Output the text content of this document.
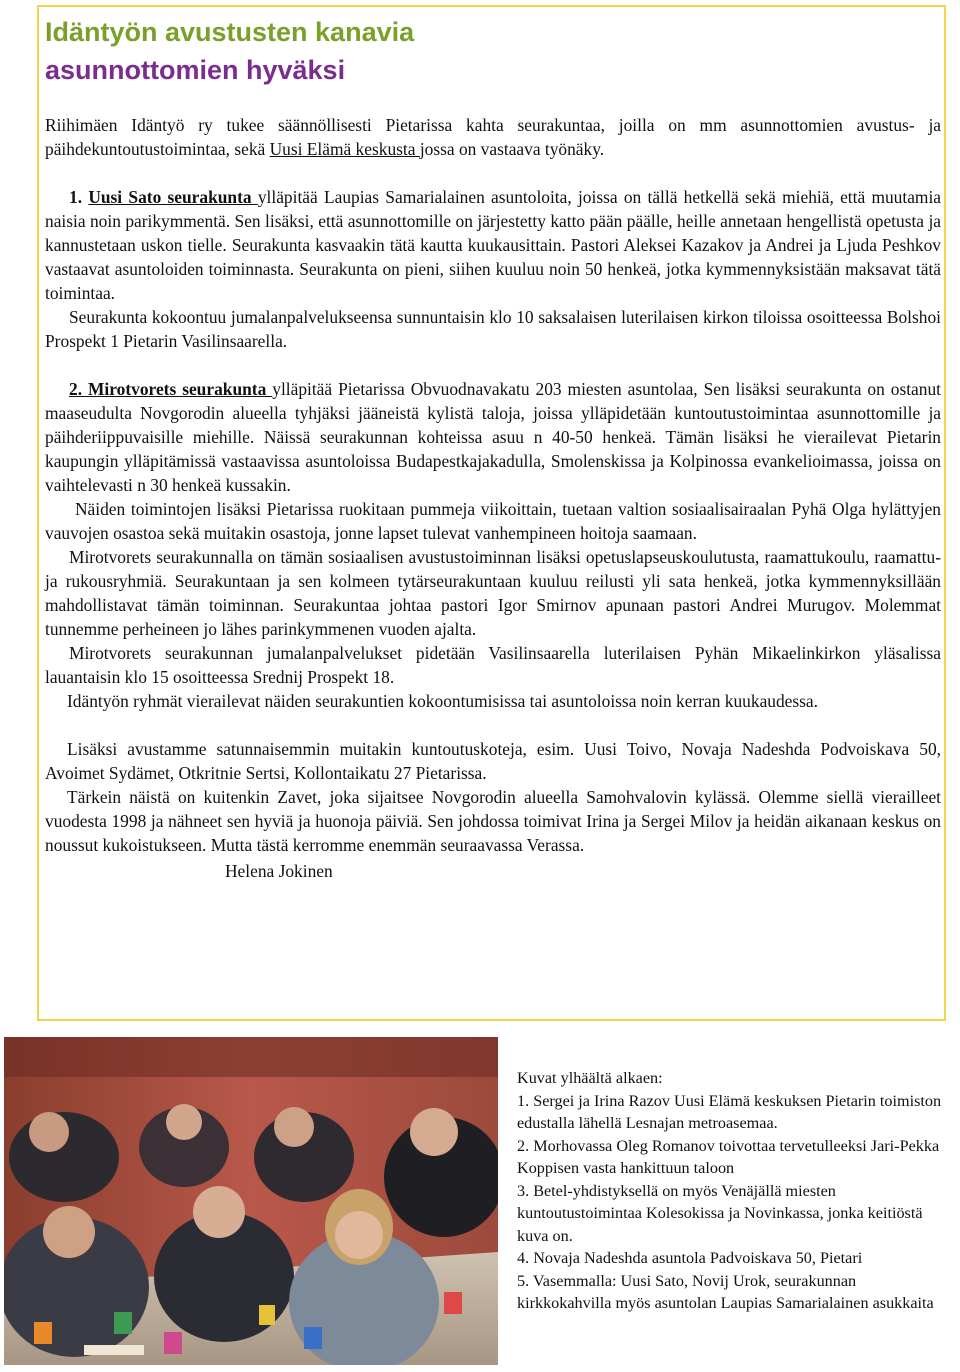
Idäntyön avustusten kanavia
asunnottomien hyväksi

Riihimäen Idäntyö ry tukee säännöllisesti Pietarissa kahta seurakuntaa, joilla on mm asunnottomien avustus- ja päihdekuntoutustoimintaa, sekä Uusi Elämä keskusta jossa on vastaava työnäky.

1. Uusi Sato seurakunta ylläpitää Laupias Samarialainen asuntoloita, joissa on tällä hetkellä sekä miehiä, että muutamia naisia noin parikymmentä. Sen lisäksi, että asunnottomille on järjestetty katto pään päälle, heille annetaan hengellistä opetusta ja kannustetaan uskon tielle. Seurakunta kasvaakin tätä kautta kuukausittain. Pastori Aleksei Kazakov ja Andrei ja Ljuda Peshkov vastaavat asuntoloiden toiminnasta. Seurakunta on pieni, siihen kuuluu noin 50 henkeä, jotka kymmennyksistään maksavat tätä toimintaa.

Seurakunta kokoontuu jumalanpalvelukseensa sunnuntaisin klo 10 saksalaisen luterilaisen kirkon tiloissa osoitteessa Bolshoi Prospekt 1 Pietarin Vasilinsaarella.

2. Mirotvorets seurakunta ylläpitää Pietarissa Obvuodnavakatu 203 miesten asuntolaa, Sen lisäksi seurakunta on ostanut maaseudulta Novgorodin alueella tyhjäksi jääneistä kylistä taloja, joissa ylläpidetään kuntoutustoimintaa asunnottomille ja päihderiippuvaisille miehille. Näissä seurakunnan kohteissa asuu n 40-50 henkeä. Tämän lisäksi he vierailevat Pietarin kaupungin ylläpitämissä vastaavissa asuntoloissa Budapestkajakadulla, Smolenskissa ja Kolpinossa evankelioimassa, joissa on vaihtelevasti n 30 henkeä kussakin.

Näiden toimintojen lisäksi Pietarissa ruokitaan pummeja viikoittain, tuetaan valtion sosiaalisairaalan Pyhä Olga hylättyjen vauvojen osastoa sekä muitakin osastoja, jonne lapset tulevat vanhempineen hoitoja saamaan.

Mirotvorets seurakunnalla on tämän sosiaalisen avustustoiminnan lisäksi opetuslapseuskoulutusta, raamattukoulu, raamattu- ja rukousryhmiä. Seurakuntaan ja sen kolmeen tytärseurakuntaan kuuluu reilusti yli sata henkeä, jotka kymmennyksillään mahdollistavat tämän toiminnan. Seurakuntaa johtaa pastori Igor Smirnov apunaan pastori Andrei Murugov. Molemmat tunnemme perheineen jo lähes parinkymmenen vuoden ajalta.

Mirotvorets seurakunnan jumalanpalvelukset pidetään Vasilinsaarella luterilaisen Pyhän Mikaelinkirkon yläsalissa lauantaisin klo 15 osoitteessa Srednij Prospekt 18.

Idäntyön ryhmät vierailevat näiden seurakuntien kokoontumisissa tai asuntoloissa noin kerran kuukaudessa.

Lisäksi avustamme satunnaisemmin muitakin kuntoutuskoteja, esim. Uusi Toivo, Novaja Nadeshda Podvoiskava 50, Avoimet Sydämet, Otkritnie Sertsi, Kollontaikatu 27 Pietarissa.

Tärkein näistä on kuitenkin Zavet, joka sijaitsee Novgorodin alueella Samohvalovin kylässä. Olemme siellä vierailleet vuodesta 1998 ja nähneet sen hyviä ja huonoja päiviä. Sen johdossa toimivat Irina ja Sergei Milov ja heidän aikanaan keskus on noussut kukoistukseen. Mutta tästä kerromme enemmän seuraavassa Verassa.

Helena Jokinen

Kuvat ylhäältä alkaen:
1. Sergei ja Irina Razov Uusi Elämä keskuksen Pietarin toimiston edustalla lähellä Lesnajan metroasemaa.
2. Morhovassa Oleg Romanov toivottaa tervetulleeksi Jari-Pekka Koppisen vasta hankittuun taloon
3. Betel-yhdistyksellä on myös Venäjällä miesten kuntoutustoimintaa Kolesokissa ja Novinkassa, jonka keitiöstä kuva on.
4. Novaja Nadeshda asuntola Padvoiskava 50, Pietari
5. Vasemmalla: Uusi Sato, Novij Urok, seurakunnan kirkkokahvilla myös asuntolan Laupias Samarialainen asukkaita
